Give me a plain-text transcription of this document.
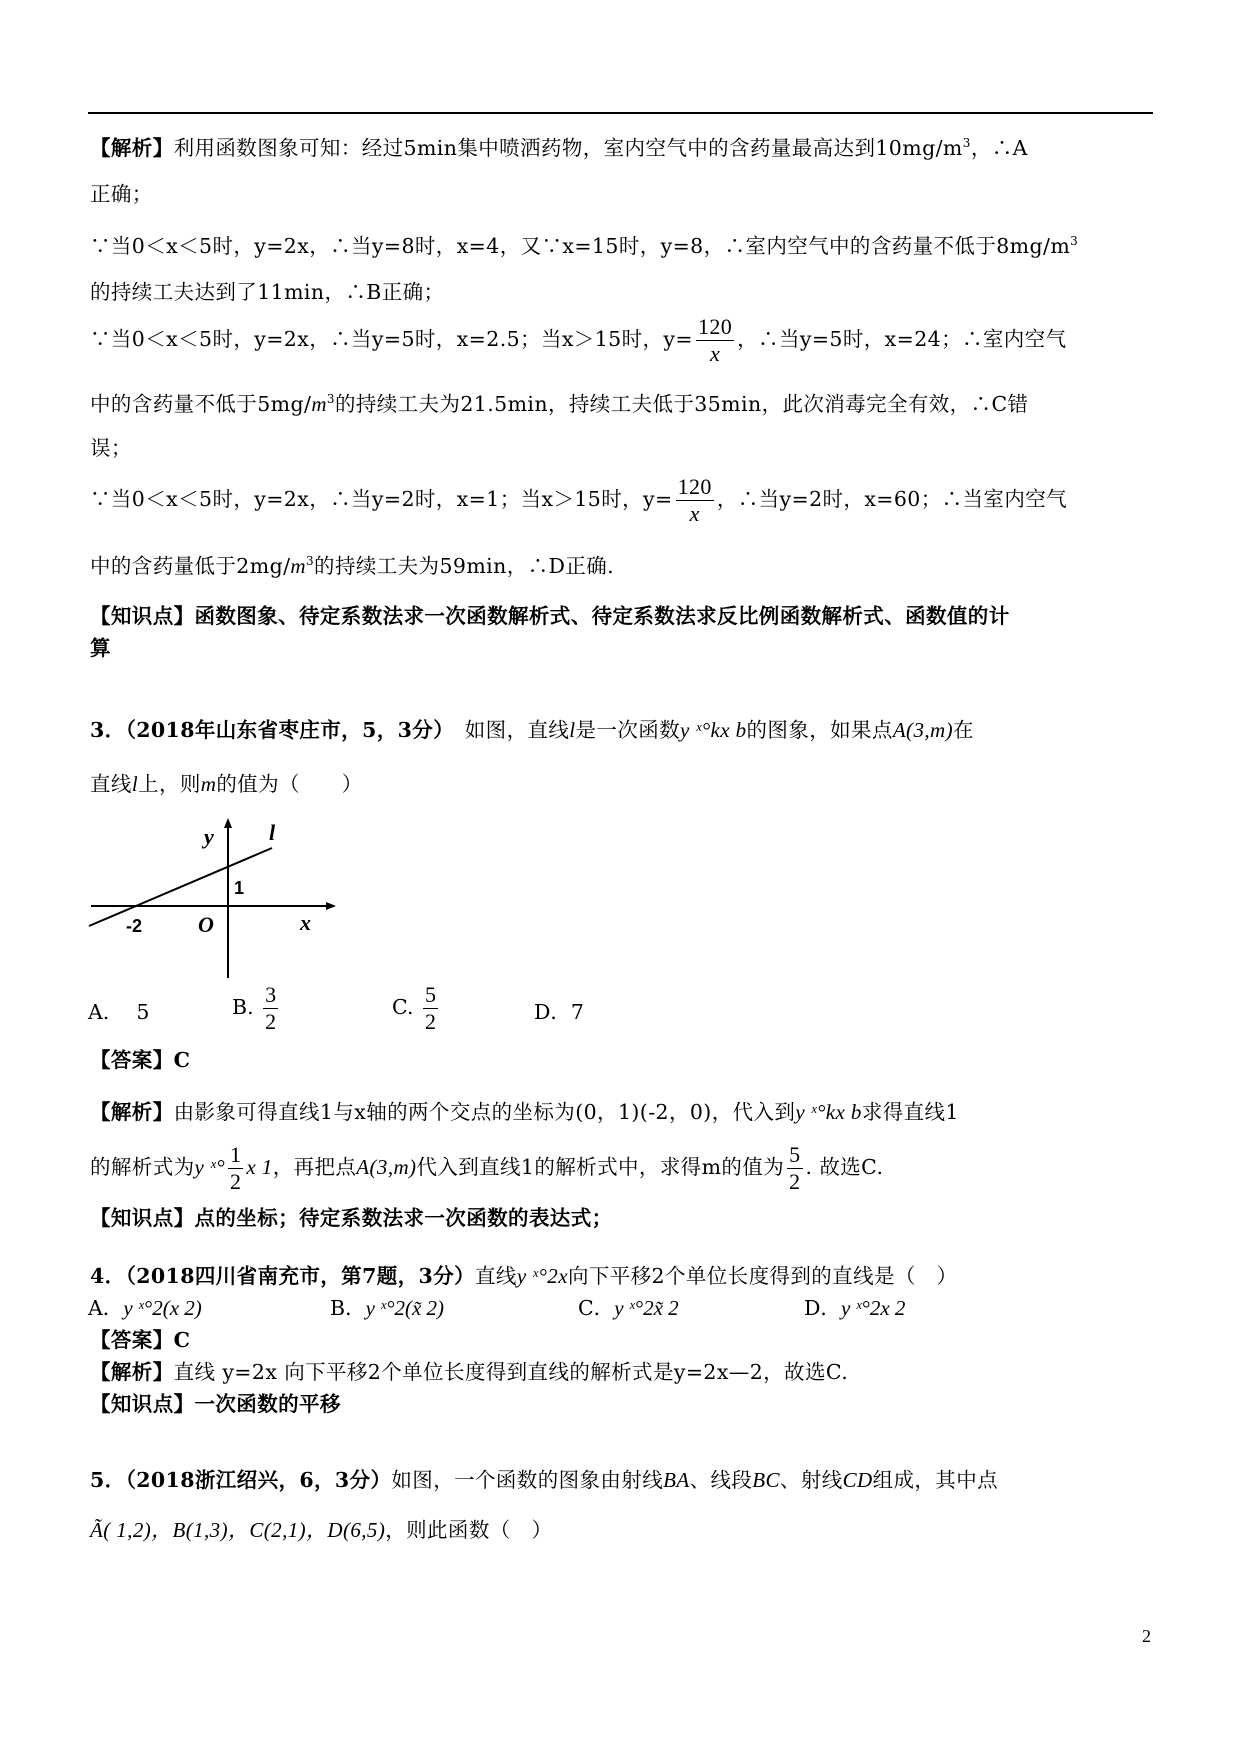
【解析】利用函数图象可知：经过5min集中喷洒药物，室内空气中的含药量最高达到$10mg/m^3$，∴A
正确；
∵当0＜x＜5时，y=2x，∴当y=8时，x=4，又∵x=15时，y=8，∴室内空气中的含药量不低于$8mg/m^3$
的持续工夫达到了11min，∴B正确；
∵当0＜x＜5时，y=2x，∴当y=5时，x=2.5；当x＞15时，$y= \frac{120}{x}$ ，∴当y=5时，x=24；∴室内空气
中的含药量不低于$5mg/m^3$的持续工夫为21.5min，持续工夫低于35min，此次消毒完全有效，∴C错
误；
∵当0＜x＜5时，y=2x，∴当y=2时，x=1；当x＞15时，$y= \frac{120}{x}$ ，∴当y=2时，x=60；∴当室内空气
中的含药量低于$2mg/m^3$的持续工夫为59min，∴D正确.
【知识点】函数图象、待定系数法求一次函数解析式、待定系数法求反比例函数解析式、函数值的计
算
3．（2018年山东省枣庄市，5，3分）　 如图，直线l是一次函数y ˣ°kx b的图象，如果点A(3,m)在
直线l上，则m的值为（　　）
y	l
1
-2	O	x
A.　 5	B. $\frac{3}{2}$	C. $\frac{5}{2}$	D．7
【答案】C
【解析】由影象可得直线1与x轴的两个交点的坐标为(0，1)(-2，0)，代入到y ˣ°kx b求得直线1
的解析式为y ˣ° $\frac{1}{2}$ x 1，再把点A(3,m)代入到直线1的解析式中，求得m的值为 $\frac{5}{2}$ . 故选C.
【知识点】点的坐标；待定系数法求一次函数的表达式；
4．（2018四川省南充市，第7题，3分）直线y ˣ°2x向下平移2个单位长度得到的直线是（　）
A．y ˣ°2(x 2)	B．y ˣ°2(x̃ 2)	C．y ˣ°2x̃ 2	D．y ˣ°2x 2
【答案】C
【解析】直线 y=2x 向下平移2个单位长度得到直线的解析式是y=2x—2，故选C.
【知识点】一次函数的平移
5．（2018浙江绍兴，6，3分）如图，一个函数的图象由射线BA、线段BC、射线CD组成，其中点
Ã( 1,2)，B(1,3)，C(2,1)，D(6,5)，则此函数（　）
2
